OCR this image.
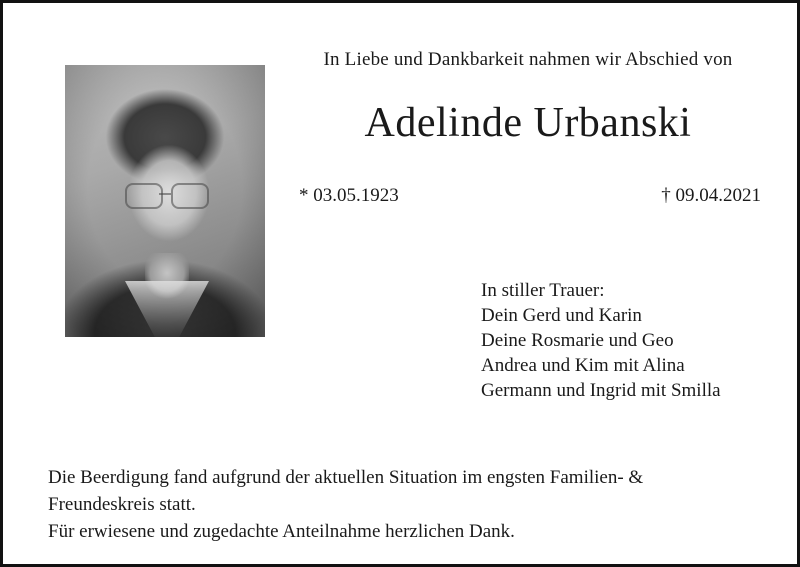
In Liebe und Dankbarkeit nahmen wir Abschied von
Adelinde Urbanski
* 03.05.1923	† 09.04.2021
In stiller Trauer:
Dein Gerd und Karin
Deine Rosmarie und Geo
Andrea und Kim mit Alina
Germann und Ingrid mit Smilla

Die Beerdigung fand aufgrund der aktuellen Situation im engsten Familien- &

Freundeskreis statt.

Für erwiesene und zugedachte Anteilnahme herzlichen Dank.
